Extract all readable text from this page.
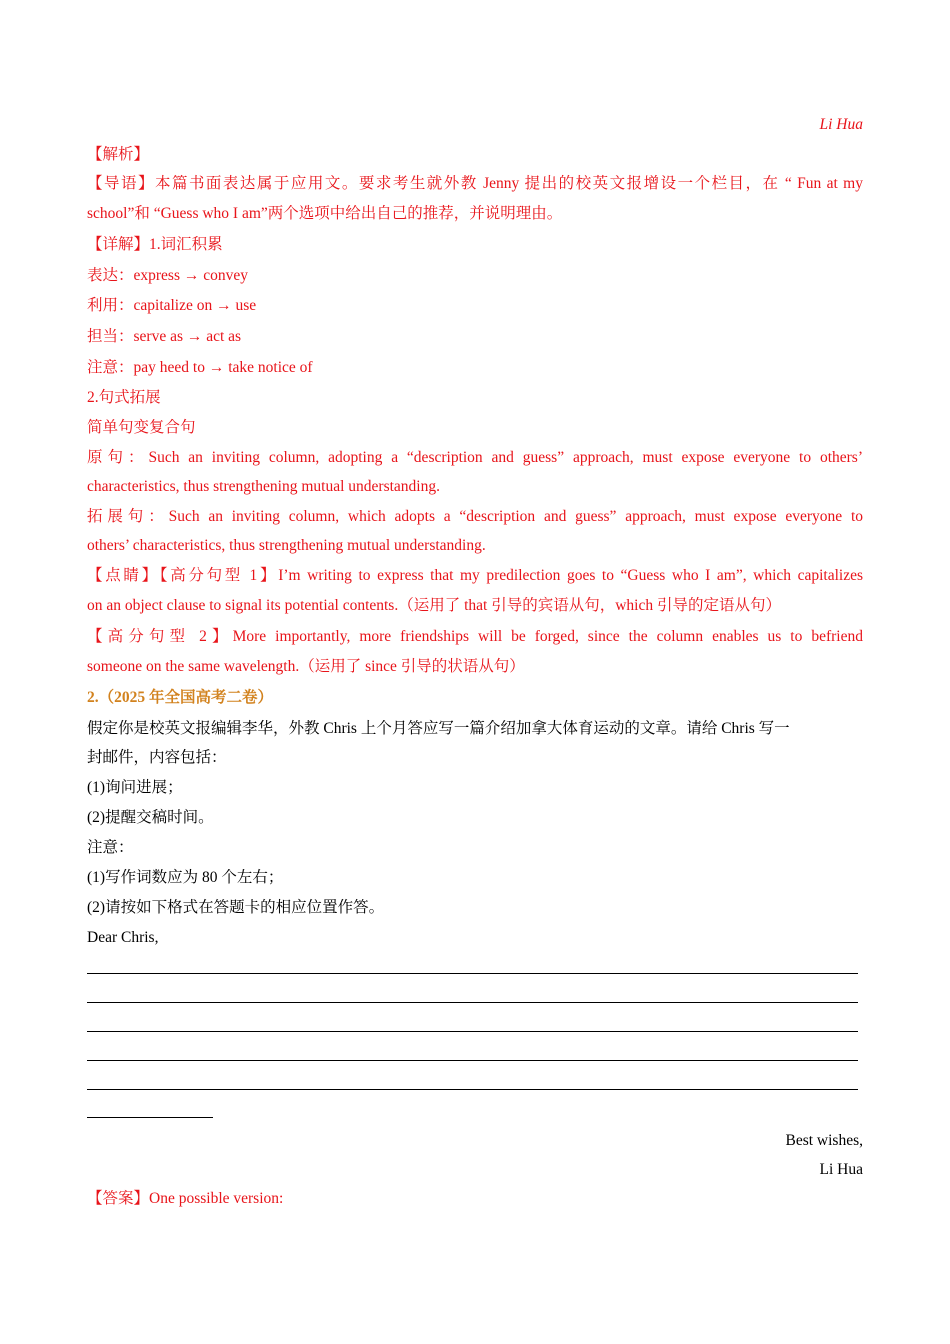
Li Hua
【解析】
【导语】本篇书面表达属于应用文。要求考生就外教 Jenny 提出的校英文报增设一个栏目，在 “ Fun at my
school”和 “Guess who I am”两个选项中给出自己的推荐，并说明理由。
【详解】1.词汇积累
表达：express → convey
利用：capitalize on → use
担当：serve as → act as
注意：pay heed to → take notice of
2.句式拓展
简单句变复合句
原句：Such an inviting column, adopting a “description and guess” approach, must expose everyone to others’
characteristics, thus strengthening mutual understanding.
拓展句：Such an inviting column, which adopts a “description and guess” approach, must expose everyone to
others’ characteristics, thus strengthening mutual understanding.
【点睛】【高分句型 1】I’m writing to express that my predilection goes to “Guess who I am”, which capitalizes
on an object clause to signal its potential contents.（运用了 that 引导的宾语从句，which 引导的定语从句）
【高分句型 2】More importantly, more friendships will be forged, since the column enables us to befriend
someone on the same wavelength.（运用了 since 引导的状语从句）
2.（2025 年全国高考二卷）
假定你是校英文报编辑李华，外教 Chris 上个月答应写一篇介绍加拿大体育运动的文章。请给 Chris 写一
封邮件，内容包括：
(1)询问进展；
(2)提醒交稿时间。
注意：
(1)写作词数应为 80 个左右；
(2)请按如下格式在答题卡的相应位置作答。
Dear Chris,
Best wishes,
Li Hua
【答案】One possible version:
